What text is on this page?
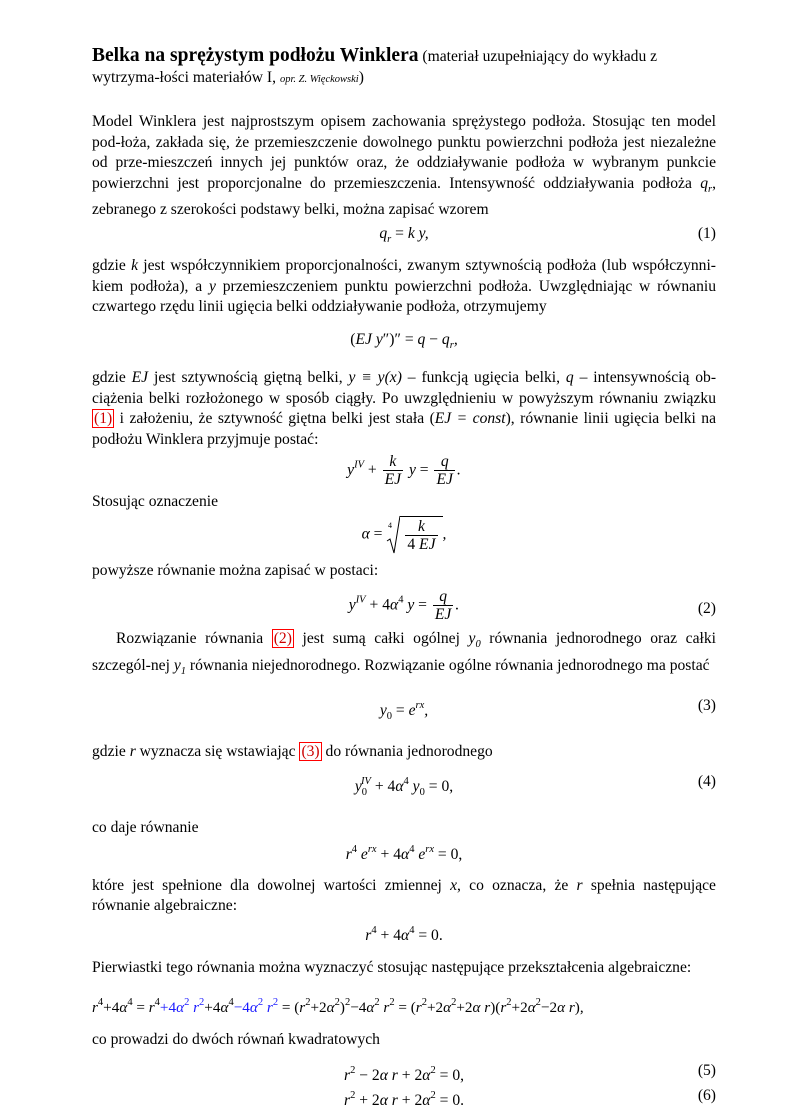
Belka na sprężystym podłożu Winklera (materiał uzupełniający do wykładu z wytrzyma-łości materiałów I, opr. Z. Więckowski)

Model Winklera jest najprostszym opisem zachowania sprężystego podłoża. Stosując ten model pod-łoża, zakłada się, że przemieszczenie dowolnego punktu powierzchni podłoża jest niezależne od prze-mieszczeń innych jej punktów oraz, że oddziaływanie podłoża w wybranym punkcie powierzchni jest proporcjonalne do przemieszczenia. Intensywność oddziaływania podłoża $q_r$, zebranego z szerokości podstawy belki, można zapisać wzorem

$q_r = k$ y,	(1)

gdzie k jest współczynnikiem proporcjonalności, zwanym sztywnością podłoża (lub współczynni-kiem podłoża), a y przemieszczeniem punktu powierzchni podłoża. Uwzględniając w równaniu czwartego rzędu linii ugięcia belki oddziaływanie podłoża, otrzymujemy

(EJ $y'')'' = q - q_r$,

gdzie EJ jest sztywnością giętną belki, y ≡ y(x) – funkcją ugięcia belki, q – intensywnością ob-ciążenia belki rozłożonego w sposób ciągły. Po uwzględnieniu w powyższym równaniu związku (1) i założeniu, że sztywność giętna belki jest stała (EJ = const), równanie linii ugięcia belki na podłożu Winklera przyjmuje postać:

$y^{IV} + \frac{k}{EJ}$ $y = \frac{q}{EJ}$ .

Stosując oznaczenie

α =
$4 \frac{k}{4 EJ}$ ,

powyższe równanie można zapisać w postaci:

$y^{IV} + 4\alpha^4$ $y = \frac{q}{EJ}$ .	(2)

Rozwiązanie równania (2) jest sumą całki ogólnej $y_0$ równania jednorodnego oraz całki szczegól-nej $y_1$ równania niejednorodnego. Rozwiązanie ogólne równania jednorodnego ma postać

$y_0 = e^{rx}$,	(3)

gdzie r wyznacza się wstawiając (3) do równania jednorodnego

$y_0^{IV} + 4\alpha^4$ $y_0 = 0$,	(4)

co daje równanie

$r^4$ $e^{rx} + 4\alpha^4$ $e^{rx} = 0$,

które jest spełnione dla dowolnej wartości zmiennej x, co oznacza, że r spełnia następujące równanie algebraiczne:

$r^4 + 4\alpha^4 = 0$.

Pierwiastki tego równania można wyznaczyć stosując następujące przekształcenia algebraiczne:

$r^4+4\alpha^4 = r^4+4\alpha^2$ $r^2+4\alpha^4-4\alpha^2$ $r^2 = (r^2+2\alpha^2)^2-4\alpha^2$ $r^2 = (r^2+2\alpha^2+2\alpha$ $r)(r^2+2\alpha^2-2\alpha$ r),

co prowadzi do dwóch równań kwadratowych

$r^2 - 2\alpha$ $r + 2\alpha^2 = 0$,	(5)
$r^2 + 2\alpha$ $r + 2\alpha^2 = 0$.	(6)
